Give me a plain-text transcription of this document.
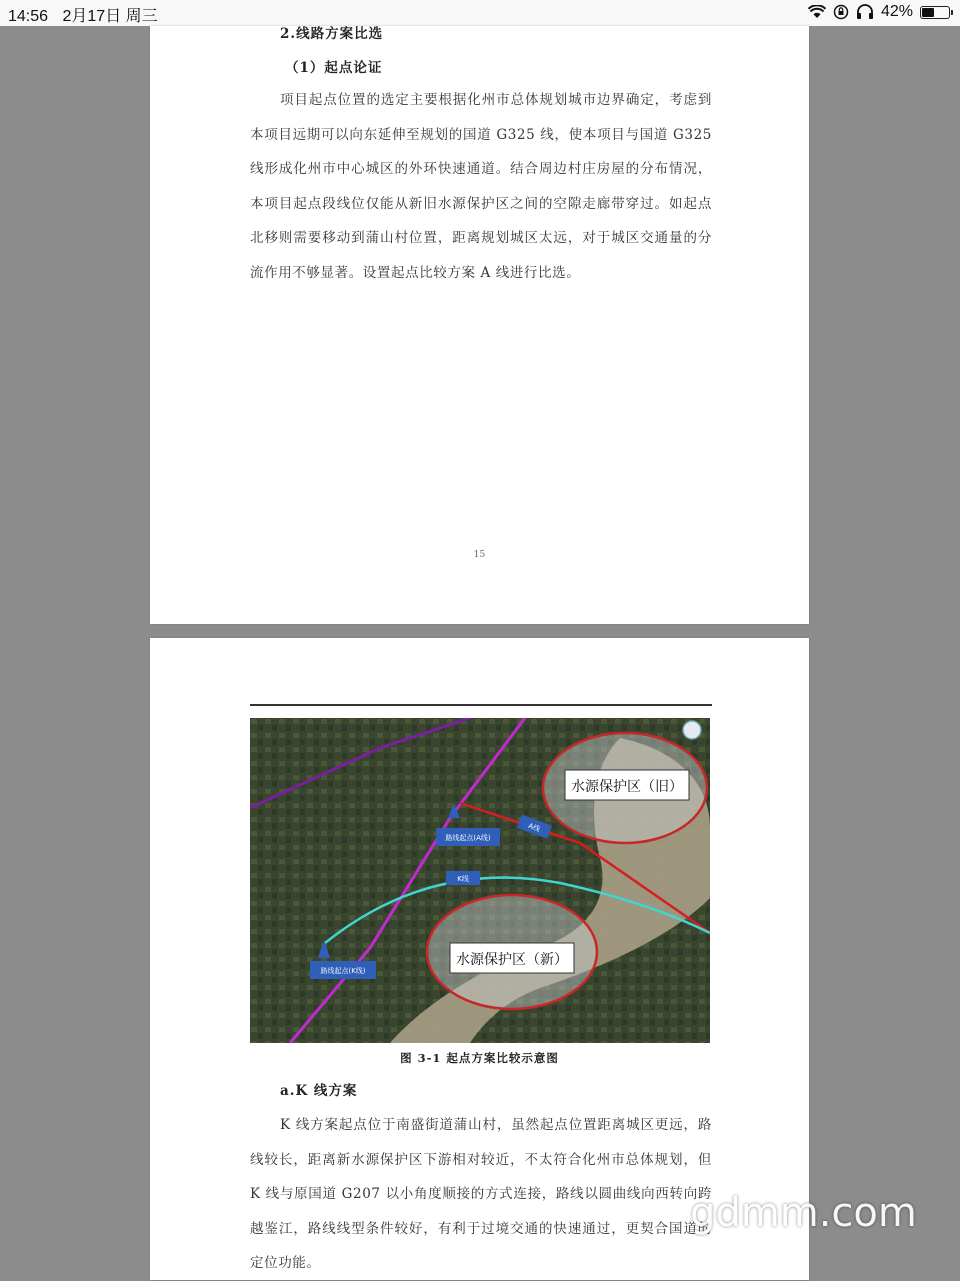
14:56 2月17日 周三	42%
2.线路方案比选
（1）起点论证
项目起点位置的选定主要根据化州市总体规划城市边界确定，考虑到本项目远期可以向东延伸至规划的国道 G325 线，使本项目与国道 G325 线形成化州市中心城区的外环快速通道。结合周边村庄房屋的分布情况，本项目起点段线位仅能从新旧水源保护区之间的空隙走廊带穿过。如起点北移则需要移动到蒲山村位置，距离规划城区太远，对于城区交通量的分流作用不够显著。设置起点比较方案 A 线进行比选。
15
水源保护区（旧）
水源保护区（新）
路线起点(A线)
路线起点(K线)
A线
K线
图 3-1 起点方案比较示意图
a.K 线方案
K 线方案起点位于南盛街道蒲山村，虽然起点位置距离城区更远，路线较长，距离新水源保护区下游相对较近，不太符合化州市总体规划，但 K 线与原国道 G207 以小角度顺接的方式连接，路线以圆曲线向西转向跨越鉴江，路线线型条件较好，有利于过境交通的快速通过，更契合国道的定位功能。
gdmm.com
